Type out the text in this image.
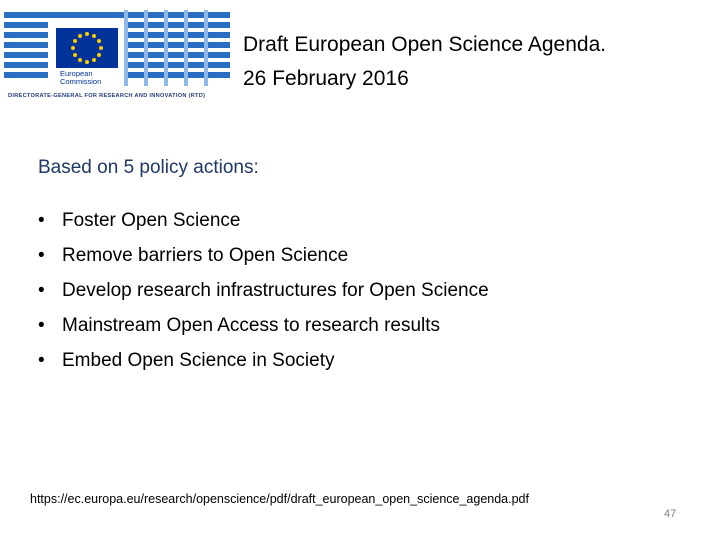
European
Commission
DIRECTORATE-GENERAL FOR RESEARCH AND INNOVATION (RTD)
Draft European Open Science Agenda.
26 February 2016
Based on 5 policy actions:
• Foster Open Science
• Remove barriers to Open Science
• Develop research infrastructures for Open Science
• Mainstream Open Access to research results
• Embed Open Science in Society
https://ec.europa.eu/research/openscience/pdf/draft_european_open_science_agenda.pdf
47
